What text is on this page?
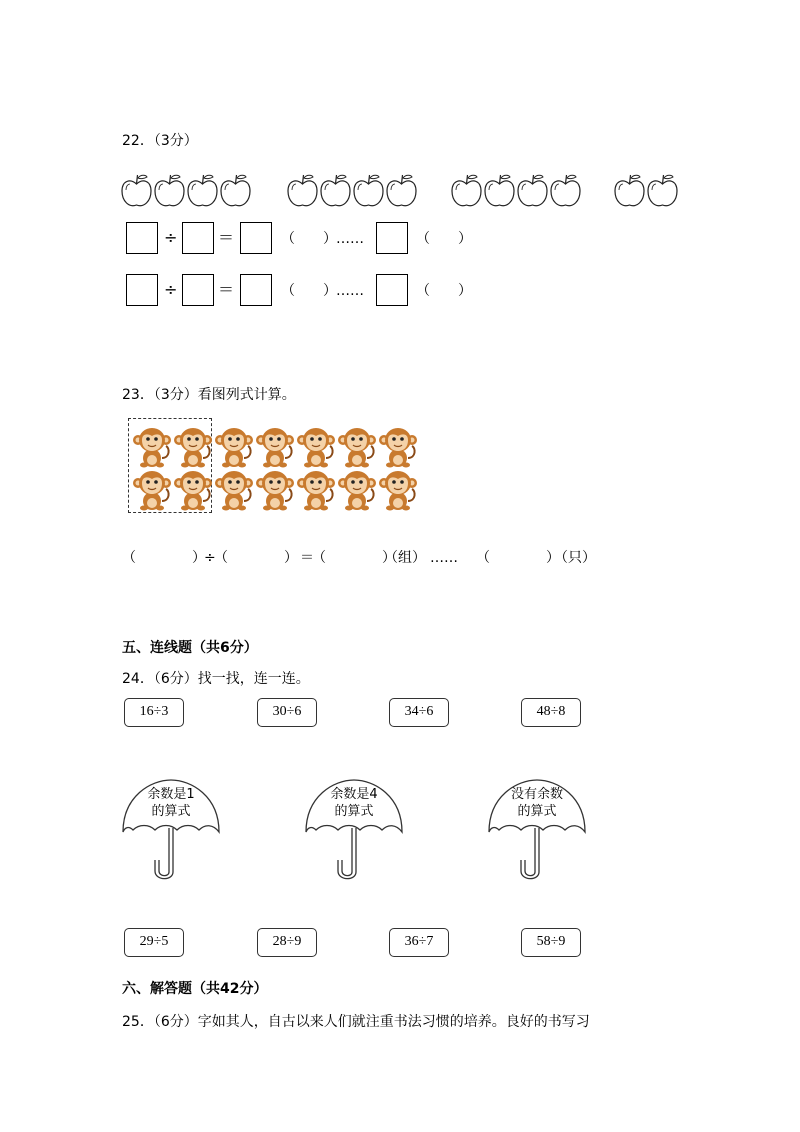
22．（3分）
÷	＝	（　　） ……	（　　）
÷	＝	（　　） ……	（　　）
23．（3分）看图列式计算。
（　　　　）
÷
（　　　　） ＝
（　　　　）
（组） …… （　　　　）
（只）
五、连线题（共6分）
24．（6分）找一找，连一连。
16÷3	30÷6	34÷6	48÷8
余数是1
的算式
余数是4
的算式
没有余数
的算式
29÷5	28÷9	36÷7	58÷9
六、解答题（共42分）
25．（6分）字如其人，自古以来人们就注重书法习惯的培养。良好的书写习
